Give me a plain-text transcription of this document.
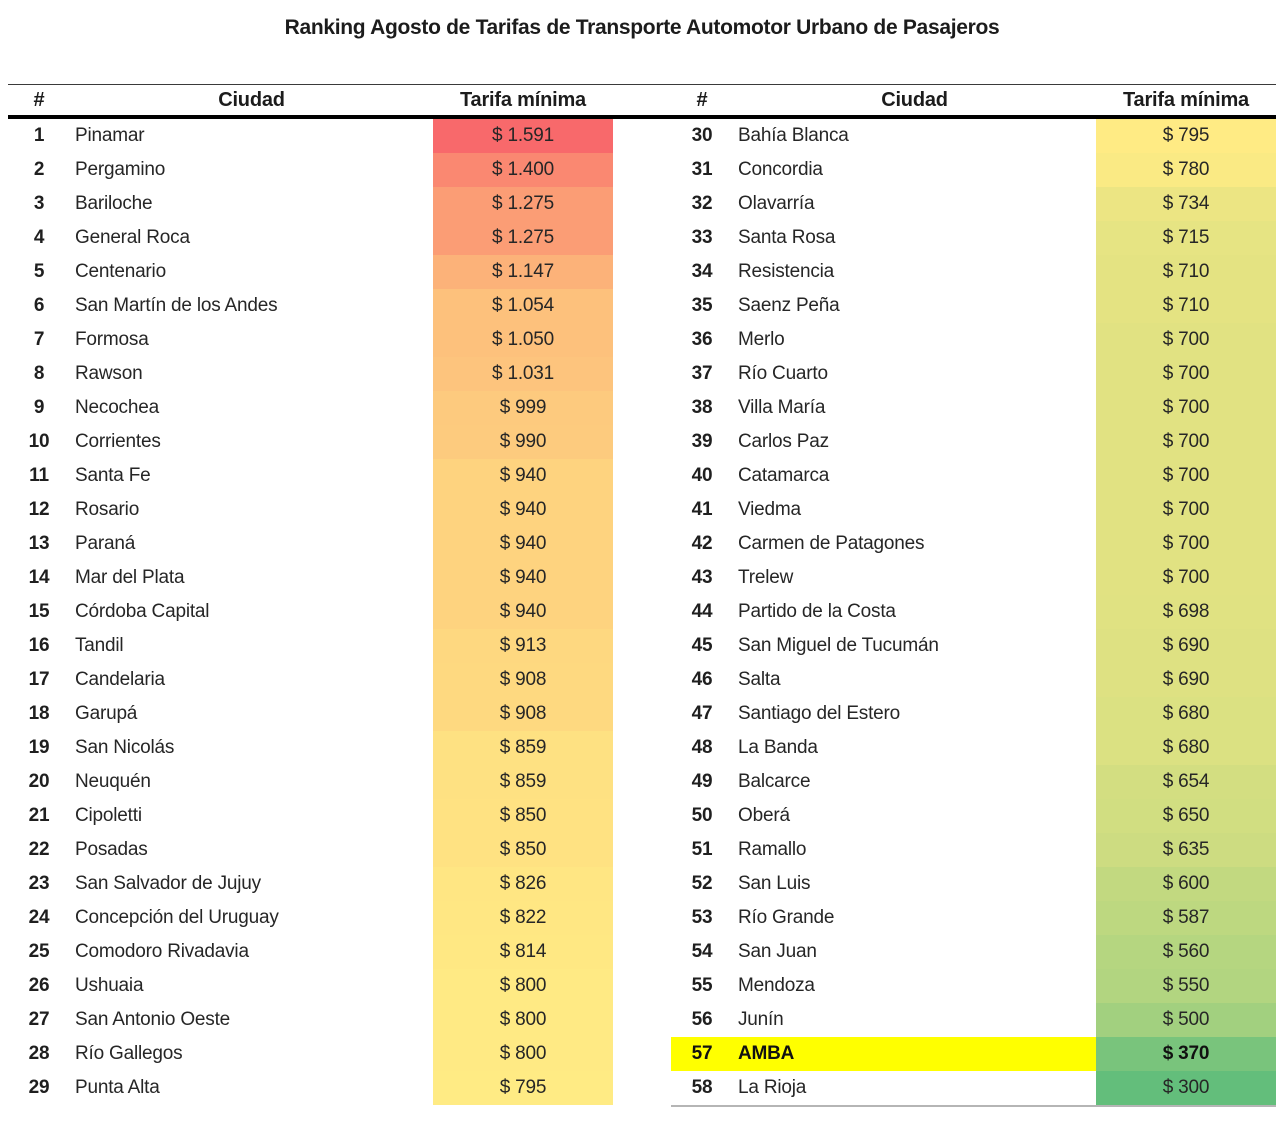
Ranking Agosto de Tarifas de Transporte Automotor Urbano de Pasajeros
#	Ciudad	Tarifa mínima	#	Ciudad	Tarifa mínima
1	Pinamar	$ 1.591
2	Pergamino	$ 1.400
3	Bariloche	$ 1.275
4	General Roca	$ 1.275
5	Centenario	$ 1.147
6	San Martín de los Andes	$ 1.054
7	Formosa	$ 1.050
8	Rawson	$ 1.031
9	Necochea	$ 999
10	Corrientes	$ 990
11	Santa Fe	$ 940
12	Rosario	$ 940
13	Paraná	$ 940
14	Mar del Plata	$ 940
15	Córdoba Capital	$ 940
16	Tandil	$ 913
17	Candelaria	$ 908
18	Garupá	$ 908
19	San Nicolás	$ 859
20	Neuquén	$ 859
21	Cipoletti	$ 850
22	Posadas	$ 850
23	San Salvador de Jujuy	$ 826
24	Concepción del Uruguay	$ 822
25	Comodoro Rivadavia	$ 814
26	Ushuaia	$ 800
27	San Antonio Oeste	$ 800
28	Río Gallegos	$ 800
29	Punta Alta	$ 795
30	Bahía Blanca	$ 795
31	Concordia	$ 780
32	Olavarría	$ 734
33	Santa Rosa	$ 715
34	Resistencia	$ 710
35	Saenz Peña	$ 710
36	Merlo	$ 700
37	Río Cuarto	$ 700
38	Villa María	$ 700
39	Carlos Paz	$ 700
40	Catamarca	$ 700
41	Viedma	$ 700
42	Carmen de Patagones	$ 700
43	Trelew	$ 700
44	Partido de la Costa	$ 698
45	San Miguel de Tucumán	$ 690
46	Salta	$ 690
47	Santiago del Estero	$ 680
48	La Banda	$ 680
49	Balcarce	$ 654
50	Oberá	$ 650
51	Ramallo	$ 635
52	San Luis	$ 600
53	Río Grande	$ 587
54	San Juan	$ 560
55	Mendoza	$ 550
56	Junín	$ 500
57	AMBA	$ 370
58	La Rioja	$ 300
